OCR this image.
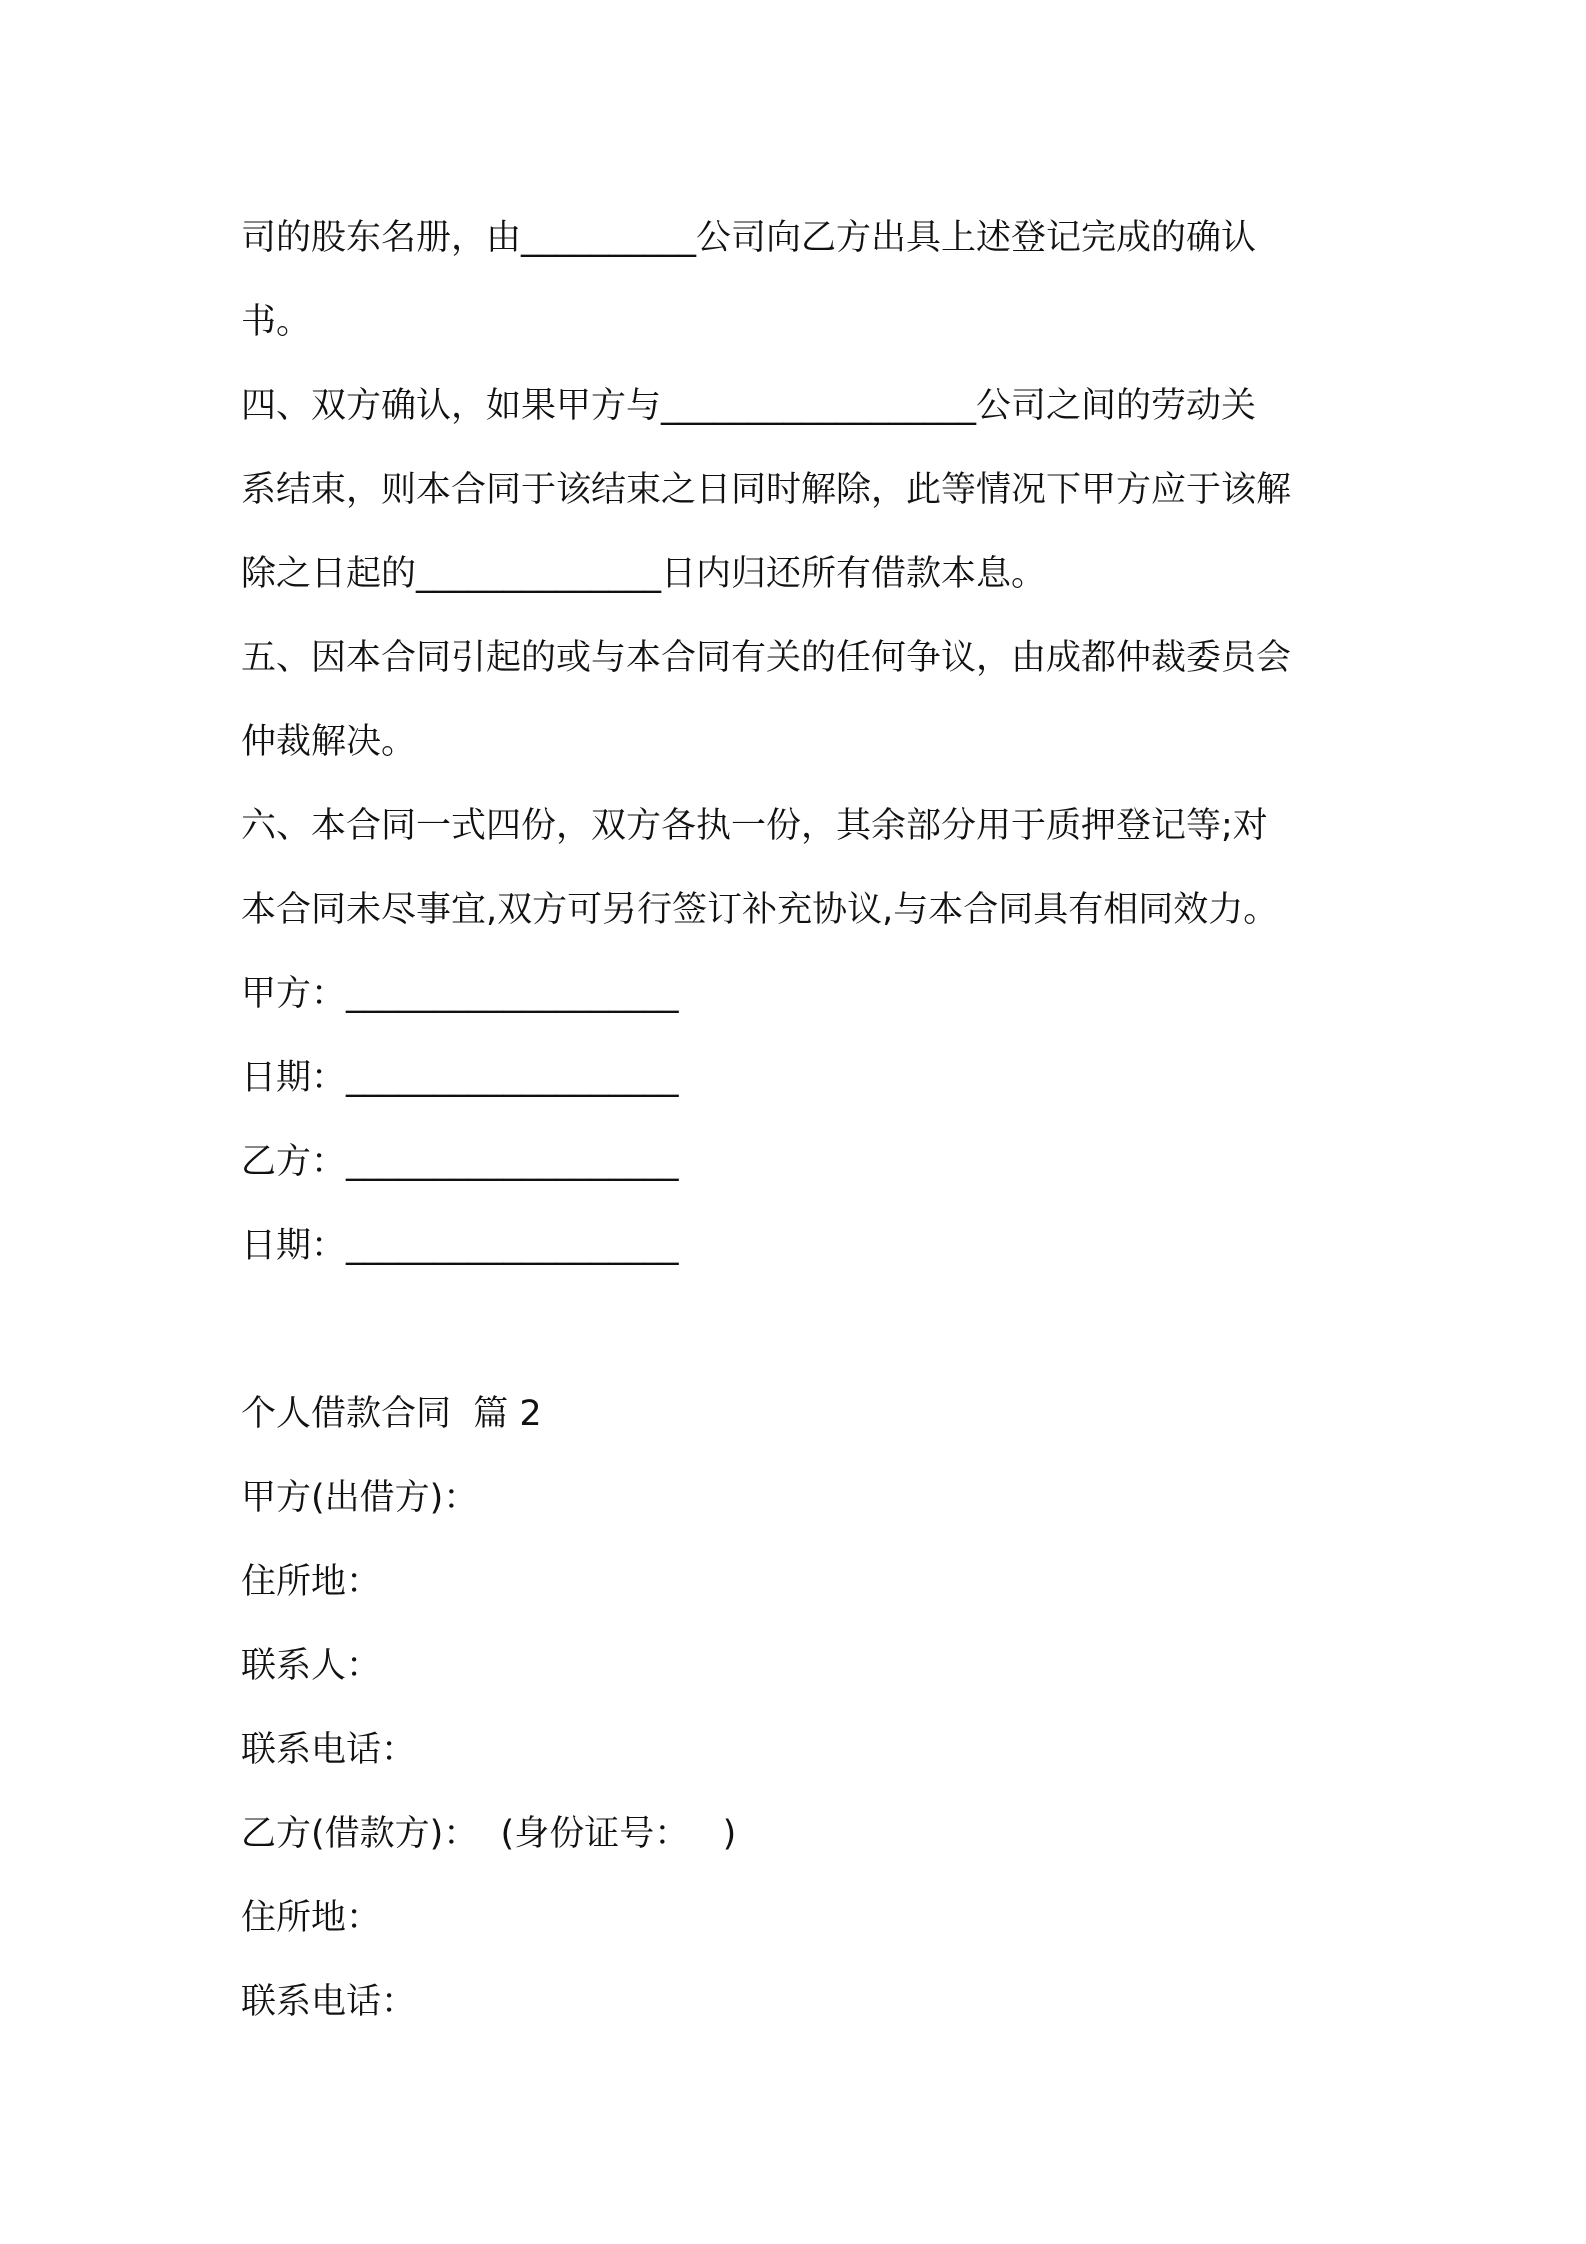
司的股东名册，由__________公司向乙方出具上述登记完成的确认
书。
四、双方确认，如果甲方与__________________公司之间的劳动关
系结束，则本合同于该结束之日同时解除，此等情况下甲方应于该解
除之日起的______________日内归还所有借款本息。
五、因本合同引起的或与本合同有关的任何争议，由成都仲裁委员会
仲裁解决。
六、本合同一式四份，双方各执一份，其余部分用于质押登记等;对
本合同未尽事宜,双方可另行签订补充协议,与本合同具有相同效力。
甲方：___________________
日期：___________________
乙方：___________________
日期：___________________
个人借款合同  篇 2
甲方(出借方)：
住所地：
联系人：
联系电话：
乙方(借款方)：  (身份证号：   )
住所地：
联系电话：
